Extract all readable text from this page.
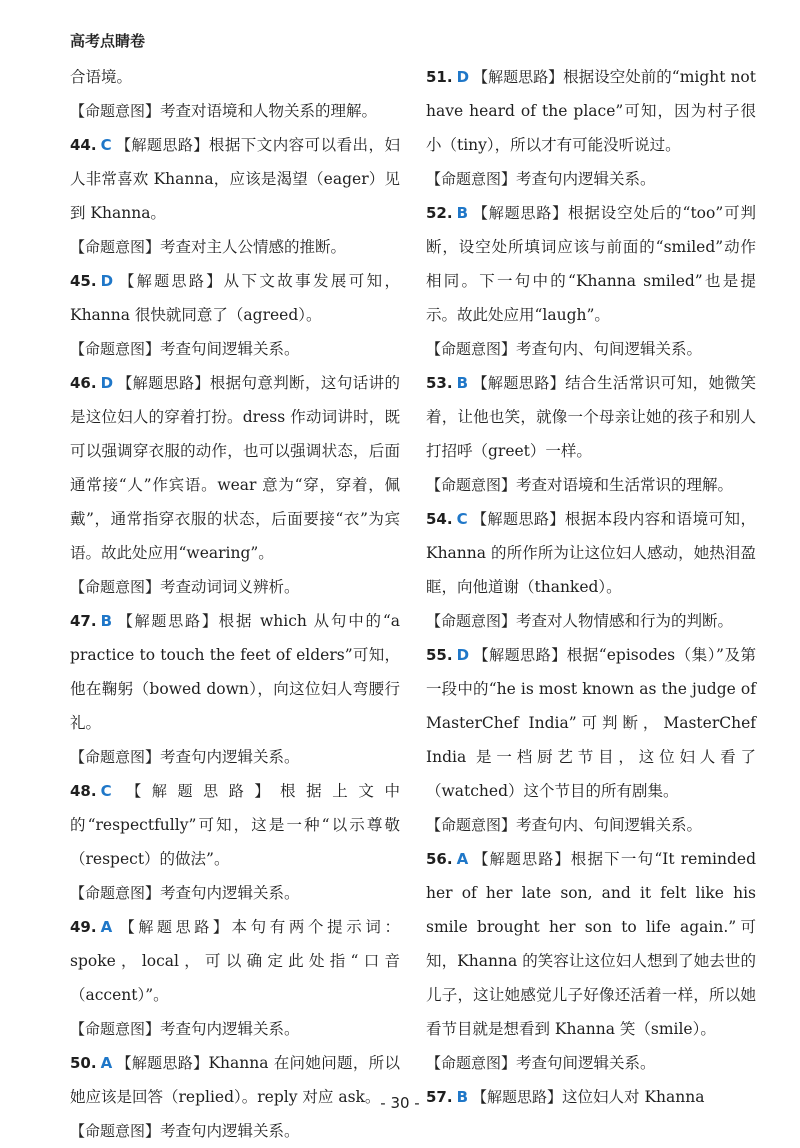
高考点睛卷

合语境。

【命题意图】考查对语境和人物关系的理解。

44. C 【解题思路】根据下文内容可以看出，妇人非常喜欢 Khanna，应该是渴望（eager）见到 Khanna。

【命题意图】考查对主人公情感的推断。

45. D 【解题思路】从下文故事发展可知，Khanna 很快就同意了（agreed）。

【命题意图】考查句间逻辑关系。

46. D 【解题思路】根据句意判断，这句话讲的是这位妇人的穿着打扮。dress 作动词讲时，既可以强调穿衣服的动作，也可以强调状态，后面通常接“人”作宾语。wear 意为“穿，穿着，佩戴”，通常指穿衣服的状态，后面要接“衣”为宾语。故此处应用“wearing”。

【命题意图】考查动词词义辨析。

47. B 【解题思路】根据 which 从句中的“a practice to touch the feet of elders”可知，他在鞠躬（bowed down），向这位妇人弯腰行礼。

【命题意图】考查句内逻辑关系。

48. C 【解题思路】根据上文中的“respectfully”可知，这是一种“以示尊敬（respect）的做法”。

【命题意图】考查句内逻辑关系。

49. A 【解题思路】本句有两个提示词：spoke，local，可以确定此处指“口音（accent）”。

【命题意图】考查句内逻辑关系。

50. A 【解题思路】Khanna 在问她问题，所以她应该是回答（replied）。reply 对应 ask。

【命题意图】考查句内逻辑关系。

51. D 【解题思路】根据设空处前的“might not have heard of the place”可知，因为村子很小（tiny），所以才有可能没听说过。

【命题意图】考查句内逻辑关系。

52. B 【解题思路】根据设空处后的“too”可判断，设空处所填词应该与前面的“smiled”动作相同。下一句中的“Khanna smiled”也是提示。故此处应用“laugh”。

【命题意图】考查句内、句间逻辑关系。

53. B 【解题思路】结合生活常识可知，她微笑着，让他也笑，就像一个母亲让她的孩子和别人打招呼（greet）一样。

【命题意图】考查对语境和生活常识的理解。

54. C 【解题思路】根据本段内容和语境可知，Khanna 的所作所为让这位妇人感动，她热泪盈眶，向他道谢（thanked）。

【命题意图】考查对人物情感和行为的判断。

55. D 【解题思路】根据“episodes（集）”及第一段中的“he is most known as the judge of MasterChef India”可判断，MasterChef India 是一档厨艺节目，这位妇人看了（watched）这个节目的所有剧集。

【命题意图】考查句内、句间逻辑关系。

56. A 【解题思路】根据下一句“It reminded her of her late son, and it felt like his smile brought her son to life again.”可知，Khanna 的笑容让这位妇人想到了她去世的儿子，这让她感觉儿子好像还活着一样，所以她看节目就是想看到 Khanna 笑（smile）。

【命题意图】考查句间逻辑关系。

57. B 【解题思路】这位妇人对 Khanna

- 30 -
